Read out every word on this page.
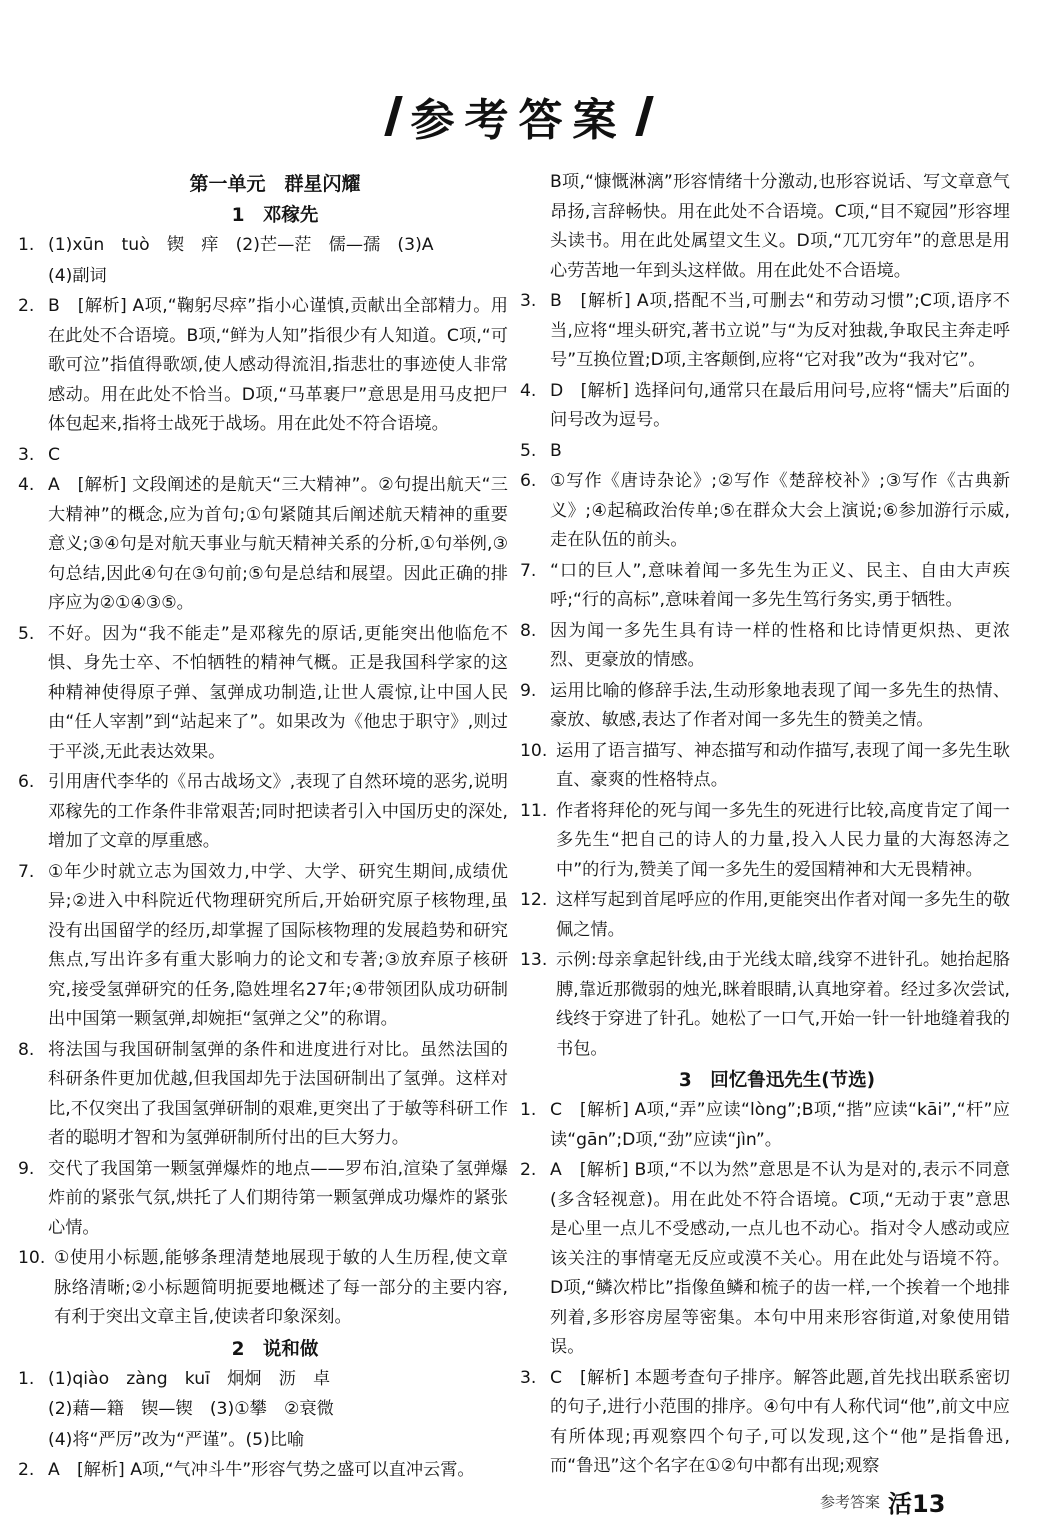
参考答案
第一单元　群星闪耀
1　邓稼先
1. (1)xūn　tuò　锲　痒　(2)芒—茫　儒—孺　(3)A
(4)副词
2. B　[解析] A项,“鞠躬尽瘁”指小心谨慎,贡献出全部精力。用在此处不合语境。B项,“鲜为人知”指很少有人知道。C项,“可歌可泣”指值得歌颂,使人感动得流泪,指悲壮的事迹使人非常感动。用在此处不恰当。D项,“马革裹尸”意思是用马皮把尸体包起来,指将士战死于战场。用在此处不符合语境。
3. C
4. A　[解析] 文段阐述的是航天“三大精神”。②句提出航天“三大精神”的概念,应为首句;①句紧随其后阐述航天精神的重要意义;③④句是对航天事业与航天精神关系的分析,①句举例,③句总结,因此④句在③句前;⑤句是总结和展望。因此正确的排序应为②①④③⑤。
5. 不好。因为“我不能走”是邓稼先的原话,更能突出他临危不惧、身先士卒、不怕牺牲的精神气概。正是我国科学家的这种精神使得原子弹、氢弹成功制造,让世人震惊,让中国人民由“任人宰割”到“站起来了”。如果改为《他忠于职守》,则过于平淡,无此表达效果。
6. 引用唐代李华的《吊古战场文》,表现了自然环境的恶劣,说明邓稼先的工作条件非常艰苦;同时把读者引入中国历史的深处,增加了文章的厚重感。
7. ①年少时就立志为国效力,中学、大学、研究生期间,成绩优异;②进入中科院近代物理研究所后,开始研究原子核物理,虽没有出国留学的经历,却掌握了国际核物理的发展趋势和研究焦点,写出许多有重大影响力的论文和专著;③放弃原子核研究,接受氢弹研究的任务,隐姓埋名27年;④带领团队成功研制出中国第一颗氢弹,却婉拒“氢弹之父”的称谓。
8. 将法国与我国研制氢弹的条件和进度进行对比。虽然法国的科研条件更加优越,但我国却先于法国研制出了氢弹。这样对比,不仅突出了我国氢弹研制的艰难,更突出了于敏等科研工作者的聪明才智和为氢弹研制所付出的巨大努力。
9. 交代了我国第一颗氢弹爆炸的地点——罗布泊,渲染了氢弹爆炸前的紧张气氛,烘托了人们期待第一颗氢弹成功爆炸的紧张心情。
10. ①使用小标题,能够条理清楚地展现于敏的人生历程,使文章脉络清晰;②小标题简明扼要地概述了每一部分的主要内容,有利于突出文章主旨,使读者印象深刻。
2　说和做
1. (1)qiào　zàng　kuī　炯炯　沥　卓
(2)藉—籍　锲—锲　(3)①攀　②衰微
(4)将“严厉”改为“严谨”。(5)比喻
2. A　[解析] A项,“气冲斗牛”形容气势之盛可以直冲云霄。
B项,“慷慨淋漓”形容情绪十分激动,也形容说话、写文章意气昂扬,言辞畅快。用在此处不合语境。C项,“目不窥园”形容埋头读书。用在此处属望文生义。D项,“兀兀穷年”的意思是用心劳苦地一年到头这样做。用在此处不合语境。
3. B　[解析] A项,搭配不当,可删去“和劳动习惯”;C项,语序不当,应将“埋头研究,著书立说”与“为反对独裁,争取民主奔走呼号”互换位置;D项,主客颠倒,应将“它对我”改为“我对它”。
4. D　[解析] 选择问句,通常只在最后用问号,应将“懦夫”后面的问号改为逗号。
5. B
6. ①写作《唐诗杂论》;②写作《楚辞校补》;③写作《古典新义》;④起稿政治传单;⑤在群众大会上演说;⑥参加游行示威,走在队伍的前头。
7. “口的巨人”,意味着闻一多先生为正义、民主、自由大声疾呼;“行的高标”,意味着闻一多先生笃行务实,勇于牺牲。
8. 因为闻一多先生具有诗一样的性格和比诗情更炽热、更浓烈、更豪放的情感。
9. 运用比喻的修辞手法,生动形象地表现了闻一多先生的热情、豪放、敏感,表达了作者对闻一多先生的赞美之情。
10. 运用了语言描写、神态描写和动作描写,表现了闻一多先生耿直、豪爽的性格特点。
11. 作者将拜伦的死与闻一多先生的死进行比较,高度肯定了闻一多先生“把自己的诗人的力量,投入人民力量的大海怒涛之中”的行为,赞美了闻一多先生的爱国精神和大无畏精神。
12. 这样写起到首尾呼应的作用,更能突出作者对闻一多先生的敬佩之情。
13. 示例:母亲拿起针线,由于光线太暗,线穿不进针孔。她抬起胳膊,靠近那微弱的烛光,眯着眼睛,认真地穿着。经过多次尝试,线终于穿进了针孔。她松了一口气,开始一针一针地缝着我的书包。
3　回忆鲁迅先生(节选)
1. C　[解析] A项,“弄”应读“lòng”;B项,“揩”应读“kāi”,“杆”应读“gān”;D项,“劲”应读“jìn”。
2. A　[解析] B项,“不以为然”意思是不认为是对的,表示不同意(多含轻视意)。用在此处不符合语境。C项,“无动于衷”意思是心里一点儿不受感动,一点儿也不动心。指对令人感动或应该关注的事情毫无反应或漠不关心。用在此处与语境不符。D项,“鳞次栉比”指像鱼鳞和梳子的齿一样,一个挨着一个地排列着,多形容房屋等密集。本句中用来形容街道,对象使用错误。
3. C　[解析] 本题考查句子排序。解答此题,首先找出联系密切的句子,进行小范围的排序。④句中有人称代词“他”,前文中应有所体现;再观察四个句子,可以发现,这个“他”是指鲁迅,而“鲁迅”这个名字在①②句中都有出现;观察
参考答案 活13
